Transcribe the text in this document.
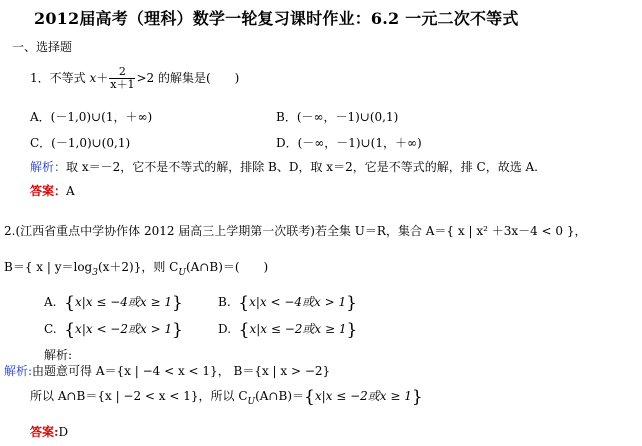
2012届高考（理科）数学一轮复习课时作业：6.2 一元二次不等式
一、选择题
1．不等式 $x+ \frac{2}{x+1} >2$ 的解集是(　　)
A．(－1,0)∪(1，＋∞)	B．(－∞，－1)∪(0,1)
C．(－1,0)∪(0,1)	D．(－∞，－1)∪(1，＋∞)
解析：取 x＝－2，它不是不等式的解，排除 B、D，取 x＝2，它是不等式的解，排 C，故选 A.
答案：A
2.(江西省重点中学协作体 2012 届高三上学期第一次联考)若全集 U＝R，集合 A＝{ x | x² ＋3x－4 < 0 }，
B＝{ x | $y=\log_3(x+2)$}，则 $C_U(A\cap B)=$(　　)
A. {x|x ≤ −4或x ≥ 1}	B. {x|x < −4或x > 1}
C. {x|x < −2或x > 1}	D. {x|x ≤ −2或x ≥ 1}
解析:
解析:由题意可得 A＝{x | −4 < x < 1}， B＝{x | x > −2}
所以 A∩B＝{x | −2 < x < 1}，所以 $C_U(A\cap B)=\{x|x \le -2$或x ≥ 1}
答案:D
